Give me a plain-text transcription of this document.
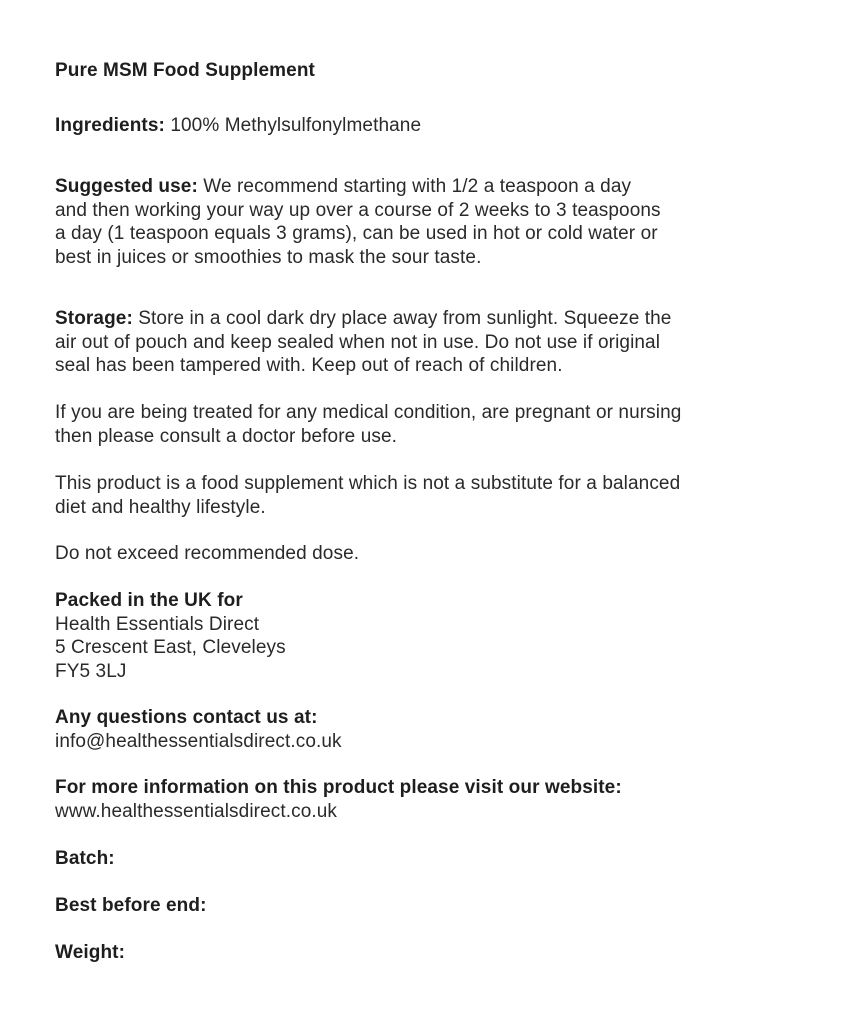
Pure MSM Food Supplement
Ingredients: 100% Methylsulfonylmethane
Suggested use: We recommend starting with 1/2 a teaspoon a day
and then working your way up over a course of 2 weeks to 3 teaspoons
a day (1 teaspoon equals 3 grams), can be used in hot or cold water or
best in juices or smoothies to mask the sour taste.
Storage: Store in a cool dark dry place away from sunlight. Squeeze the
air out of pouch and keep sealed when not in use. Do not use if original
seal has been tampered with. Keep out of reach of children.
If you are being treated for any medical condition, are pregnant or nursing
then please consult a doctor before use.
This product is a food supplement which is not a substitute for a balanced
diet and healthy lifestyle.
Do not exceed recommended dose.
Packed in the UK for
Health Essentials Direct
5 Crescent East, Cleveleys
FY5 3LJ
Any questions contact us at:
info@healthessentialsdirect.co.uk
For more information on this product please visit our website:
www.healthessentialsdirect.co.uk
Batch:
Best before end:
Weight:
